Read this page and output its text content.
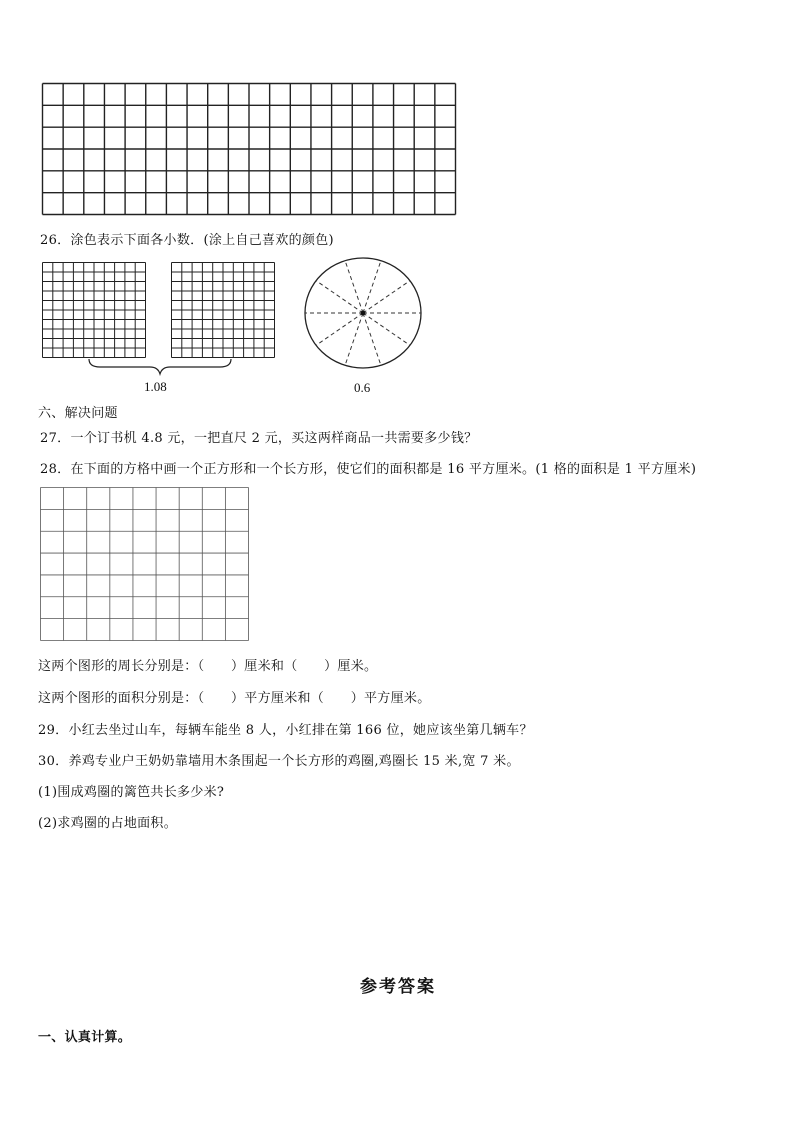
26．涂色表示下面各小数．(涂上自己喜欢的颜色)
1.08	0.6
六、解决问题
27．一个订书机 4.8 元，一把直尺 2 元，买这两样商品一共需要多少钱？
28．在下面的方格中画一个正方形和一个长方形，使它们的面积都是 16 平方厘米。(1 格的面积是 1 平方厘米)
这两个图形的周长分别是：（　　）厘米和（　　）厘米。
这两个图形的面积分别是：（　　）平方厘米和（　　）平方厘米。
29．小红去坐过山车，每辆车能坐 8 人，小红排在第 166 位，她应该坐第几辆车？
30．养鸡专业户王奶奶靠墙用木条围起一个长方形的鸡圈,鸡圈长 15 米,宽 7 米。
(1)围成鸡圈的篱笆共长多少米?
(2)求鸡圈的占地面积。
参考答案
一、认真计算。
